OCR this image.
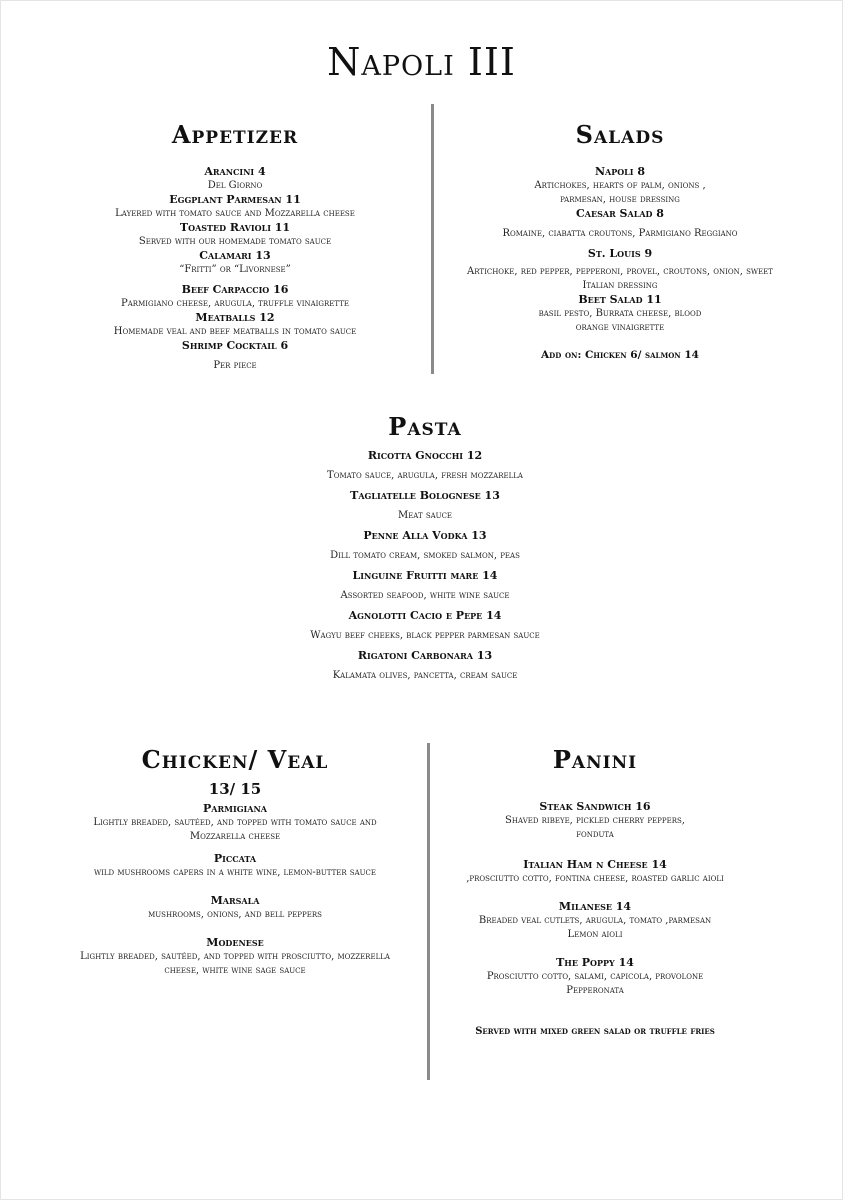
Napoli III
Appetizer
Arancini 4
Del Giorno
Eggplant Parmesan 11
Layered with tomato sauce and Mozzarella cheese
Toasted Ravioli 11
Served with our homemade tomato sauce
Calamari 13
“Fritti” or “Livornese”
Beef Carpaccio 16
Parmigiano cheese, arugula, truffle vinaigrette
Meatballs 12
Homemade veal and beef meatballs in tomato sauce
Shrimp Cocktail 6
Per piece
Salads
Napoli 8
Artichokes, hearts of palm, onions ,
parmesan, house dressing
Caesar Salad 8
Romaine, ciabatta croutons, Parmigiano Reggiano
St. Louis 9
Artichoke, red pepper, pepperoni, provel, croutons, onion, sweet
Italian dressing
Beet Salad 11
basil pesto, Burrata cheese, blood
orange vinaigrette
Add on: Chicken 6/ salmon 14
Pasta
Ricotta Gnocchi 12
Tomato sauce, arugula, fresh mozzarella
Tagliatelle Bolognese 13
Meat sauce
Penne Alla Vodka 13
Dill tomato cream, smoked salmon, peas
Linguine Fruitti mare 14
Assorted seafood, white wine sauce
Agnolotti Cacio e Pepe 14
Wagyu beef cheeks, black pepper parmesan sauce
Rigatoni Carbonara 13
Kalamata olives, pancetta, cream sauce
Chicken/ Veal
13/ 15
Parmigiana
Lightly breaded, sautéed, and topped with tomato sauce and
Mozzarella cheese
Piccata
wild mushrooms capers in a white wine, lemon-butter sauce
Marsala
mushrooms, onions, and bell peppers
Modenese
Lightly breaded, sautéed, and topped with prosciutto, mozzerella
cheese, white wine sage sauce
Panini
Steak Sandwich 16
Shaved ribeye, pickled cherry peppers,
fonduta
Italian Ham n Cheese 14
,prosciutto cotto, fontina cheese, roasted garlic aioli
Milanese 14
Breaded veal cutlets, arugula, tomato ,parmesan
Lemon aioli
The Poppy 14
Prosciutto cotto, salami, capicola, provolone
Pepperonata
Served with mixed green salad or truffle fries
